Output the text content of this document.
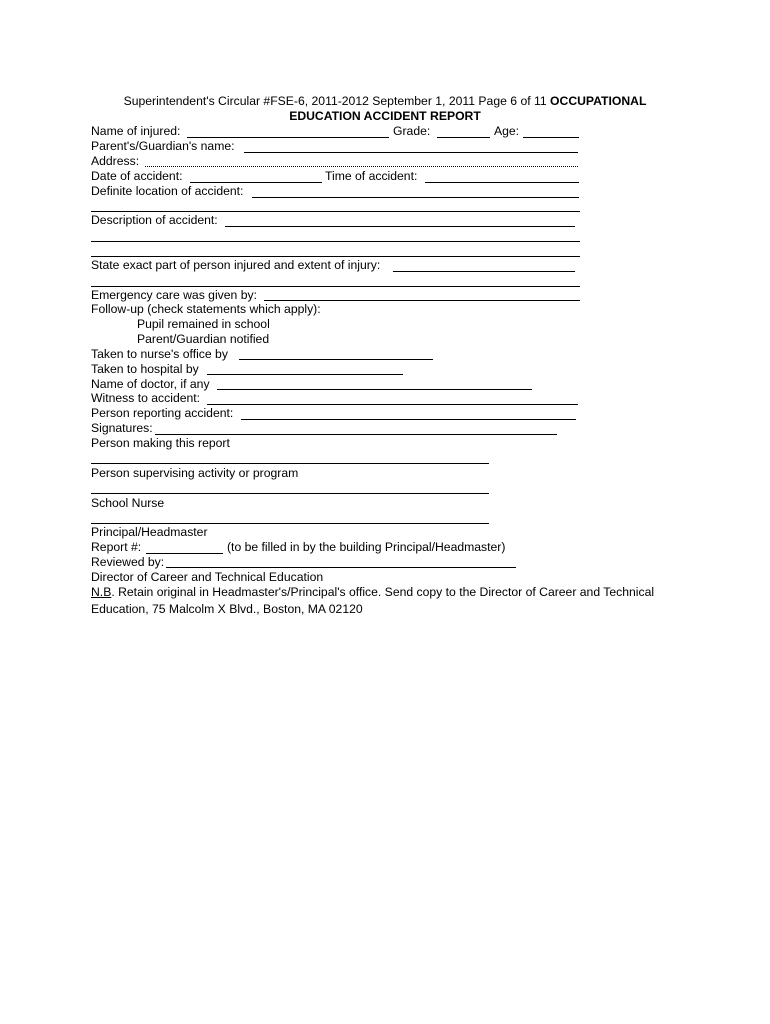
Superintendent's Circular #FSE-6, 2011-2012 September 1, 2011 Page 6 of 11 OCCUPATIONAL
EDUCATION ACCIDENT REPORT
Name of injured:	Grade:	Age:
Parent's/Guardian's name:
Address:
Date of accident:	Time of accident:
Definite location of accident:
Description of accident:
State exact part of person injured and extent of injury:
Emergency care was given by:
Follow-up (check statements which apply):
Pupil remained in school
Parent/Guardian notified
Taken to nurse's office by
Taken to hospital by
Name of doctor, if any
Witness to accident:
Person reporting accident:
Signatures:
Person making this report
Person supervising activity or program
School Nurse
Principal/Headmaster
Report #:	(to be filled in by the building Principal/Headmaster)
Reviewed by:
Director of Career and Technical Education
N.B. Retain original in Headmaster's/Principal's office. Send copy to the Director of Career and Technical
Education, 75 Malcolm X Blvd., Boston, MA 02120
